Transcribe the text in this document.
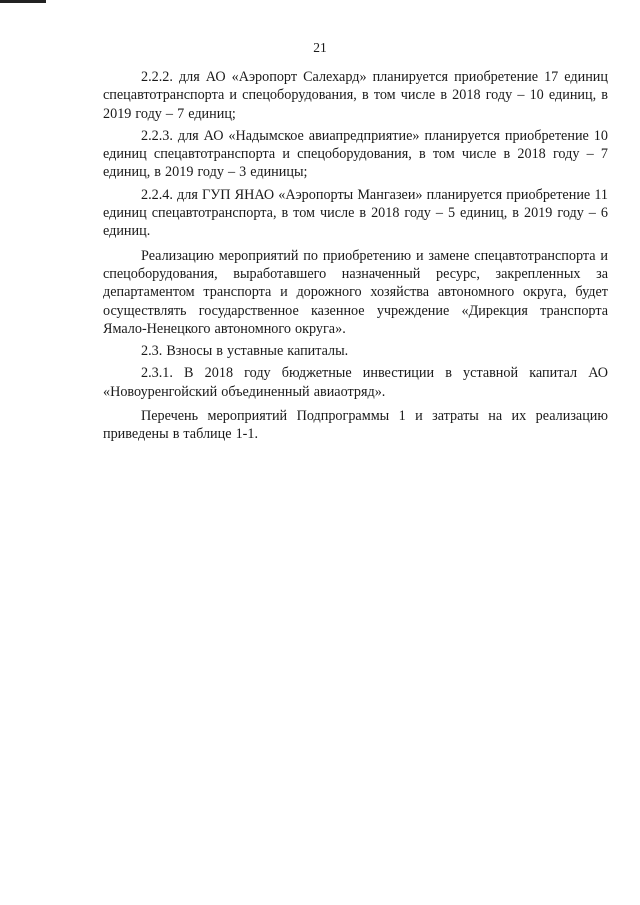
21

2.2.2. для АО «Аэропорт Салехард» планируется приобретение 17 единиц спецавтотранспорта и спецоборудования, в том числе в 2018 году – 10 единиц, в 2019 году – 7 единиц;

2.2.3. для АО «Надымское авиапредприятие» планируется приобретение 10 единиц спецавтотранспорта и спецоборудования, в том числе в 2018 году – 7 единиц, в 2019 году – 3 единицы;

2.2.4. для ГУП ЯНАО «Аэропорты Мангазеи» планируется приобретение 11 единиц спецавтотранспорта, в том числе в 2018 году – 5 единиц, в 2019 году – 6 единиц.

Реализацию мероприятий по приобретению и замене спецавтотранспорта и спецоборудования, выработавшего назначенный ресурс, закрепленных за департаментом транспорта и дорожного хозяйства автономного округа, будет осуществлять государственное казенное учреждение «Дирекция транспорта Ямало-Ненецкого автономного округа».

2.3. Взносы в уставные капиталы.

2.3.1. В 2018 году бюджетные инвестиции в уставной капитал АО «Новоуренгойский объединенный авиаотряд».

Перечень мероприятий Подпрограммы 1 и затраты на их реализацию приведены в таблице 1-1.
